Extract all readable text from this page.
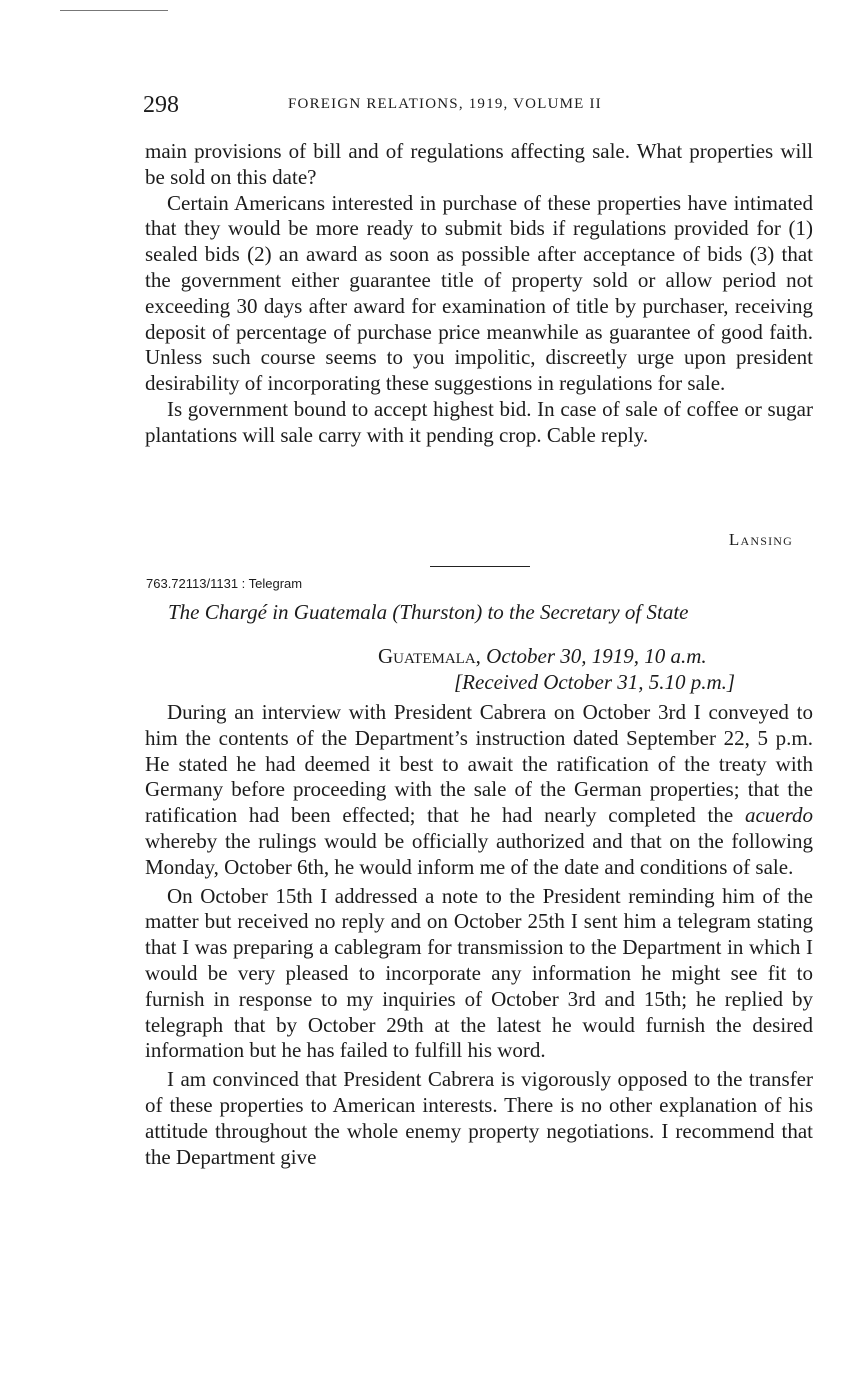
298	FOREIGN RELATIONS, 1919, VOLUME II

main provisions of bill and of regulations affecting sale. What properties will be sold on this date?

Certain Americans interested in purchase of these properties have intimated that they would be more ready to submit bids if regulations provided for (1) sealed bids (2) an award as soon as possible after acceptance of bids (3) that the government either guarantee title of property sold or allow period not exceeding 30 days after award for examination of title by purchaser, receiving deposit of percentage of purchase price meanwhile as guarantee of good faith. Unless such course seems to you impolitic, discreetly urge upon president desirability of incorporating these suggestions in regulations for sale.

Is government bound to accept highest bid. In case of sale of coffee or sugar plantations will sale carry with it pending crop. Cable reply.

Lansing
763.72113/1131 : Telegram
The Chargé in Guatemala (Thurston) to the Secretary of State
Guatemala, October 30, 1919, 10 a.m.
[Received October 31, 5.10 p.m.]

During an interview with President Cabrera on October 3rd I conveyed to him the contents of the Department’s instruction dated September 22, 5 p.m. He stated he had deemed it best to await the ratification of the treaty with Germany before proceeding with the sale of the German properties; that the ratification had been effected; that he had nearly completed the acuerdo whereby the rulings would be officially authorized and that on the following Monday, October 6th, he would inform me of the date and conditions of sale.

On October 15th I addressed a note to the President reminding him of the matter but received no reply and on October 25th I sent him a telegram stating that I was preparing a cablegram for transmission to the Department in which I would be very pleased to incorporate any information he might see fit to furnish in response to my inquiries of October 3rd and 15th; he replied by telegraph that by October 29th at the latest he would furnish the desired information but he has failed to fulfill his word.

I am convinced that President Cabrera is vigorously opposed to the transfer of these properties to American interests. There is no other explanation of his attitude throughout the whole enemy property negotiations. I recommend that the Department give
